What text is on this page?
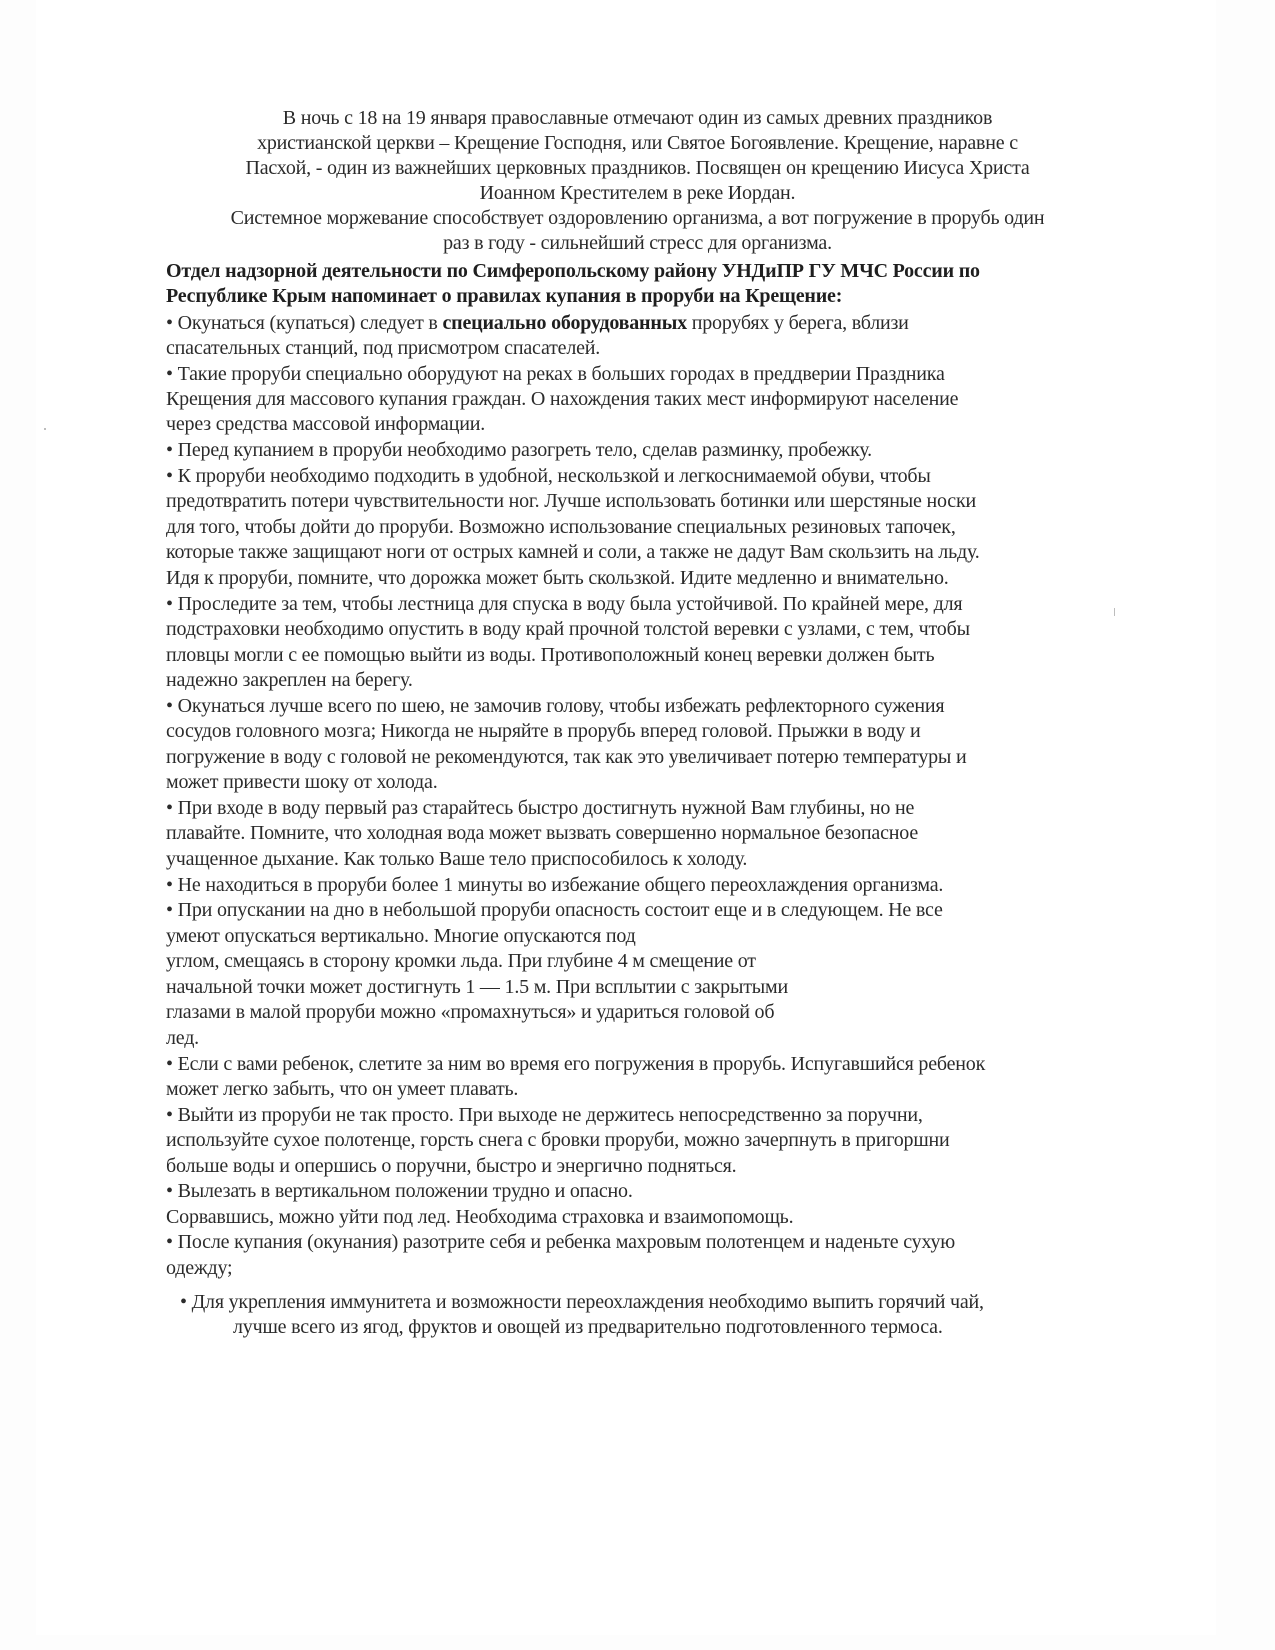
В ночь с 18 на 19 января православные отмечают один из самых древних праздников
христианской церкви – Крещение Господня, или Святое Богоявление. Крещение, наравне с
Пасхой, - один из важнейших церковных праздников. Посвящен он крещению Иисуса Христа
Иоанном Крестителем в реке Иордан.
Системное моржевание способствует оздоровлению организма, а вот погружение в прорубь один
раз в году - сильнейший стресс для организма.
Отдел надзорной деятельности по Симферопольскому району УНДиПР ГУ МЧС России по
Республике Крым напоминает о правилах купания в проруби на Крещение:
• Окунаться (купаться) следует в специально оборудованных прорубях у берега, вблизи
спасательных станций, под присмотром спасателей.
• Такие проруби специально оборудуют на реках в больших городах в преддверии Праздника
Крещения для массового купания граждан. О нахождения таких мест информируют население
через средства массовой информации.
• Перед купанием в проруби необходимо разогреть тело, сделав разминку, пробежку.
• К проруби необходимо подходить в удобной, нескользкой и легкоснимаемой обуви, чтобы
предотвратить потери чувствительности ног. Лучше использовать ботинки или шерстяные носки
для того, чтобы дойти до проруби. Возможно использование специальных резиновых тапочек,
которые также защищают ноги от острых камней и соли, а также не дадут Вам скользить на льду.
Идя к проруби, помните, что дорожка может быть скользкой. Идите медленно и внимательно.
• Проследите за тем, чтобы лестница для спуска в воду была устойчивой. По крайней мере, для
подстраховки необходимо опустить в воду край прочной толстой веревки с узлами, с тем, чтобы
пловцы могли с ее помощью выйти из воды. Противоположный конец веревки должен быть
надежно закреплен на берегу.
• Окунаться лучше всего по шею, не замочив голову, чтобы избежать рефлекторного сужения
сосудов головного мозга; Никогда не ныряйте в прорубь вперед головой. Прыжки в воду и
погружение в воду с головой не рекомендуются, так как это увеличивает потерю температуры и
может привести шоку от холода.
• При входе в воду первый раз старайтесь быстро достигнуть нужной Вам глубины, но не
плавайте. Помните, что холодная вода может вызвать совершенно нормальное безопасное
учащенное дыхание. Как только Ваше тело приспособилось к холоду.
• Не находиться в проруби более 1 минуты во избежание общего переохлаждения организма.
• При опускании на дно в небольшой проруби опасность состоит еще и в следующем. Не все
умеют опускаться вертикально. Многие опускаются под
углом, смещаясь в сторону кромки льда. При глубине 4 м смещение от
начальной точки может достигнуть 1 — 1.5 м. При всплытии с закрытыми
глазами в малой проруби можно «промахнуться» и удариться головой об
лед.
• Если с вами ребенок, слетите за ним во время его погружения в прорубь. Испугавшийся ребенок
может легко забыть, что он умеет плавать.
• Выйти из проруби не так просто. При выходе не держитесь непосредственно за поручни,
используйте сухое полотенце, горсть снега с бровки проруби, можно зачерпнуть в пригоршни
больше воды и опершись о поручни, быстро и энергично подняться.
• Вылезать в вертикальном положении трудно и опасно.
Сорвавшись, можно уйти под лед. Необходима страховка и взаимопомощь.
• После купания (окунания) разотрите себя и ребенка махровым полотенцем и наденьте сухую
одежду;
• Для укрепления иммунитета и возможности переохлаждения необходимо выпить горячий чай,
лучше всего из ягод, фруктов и овощей из предварительно подготовленного термоса.
